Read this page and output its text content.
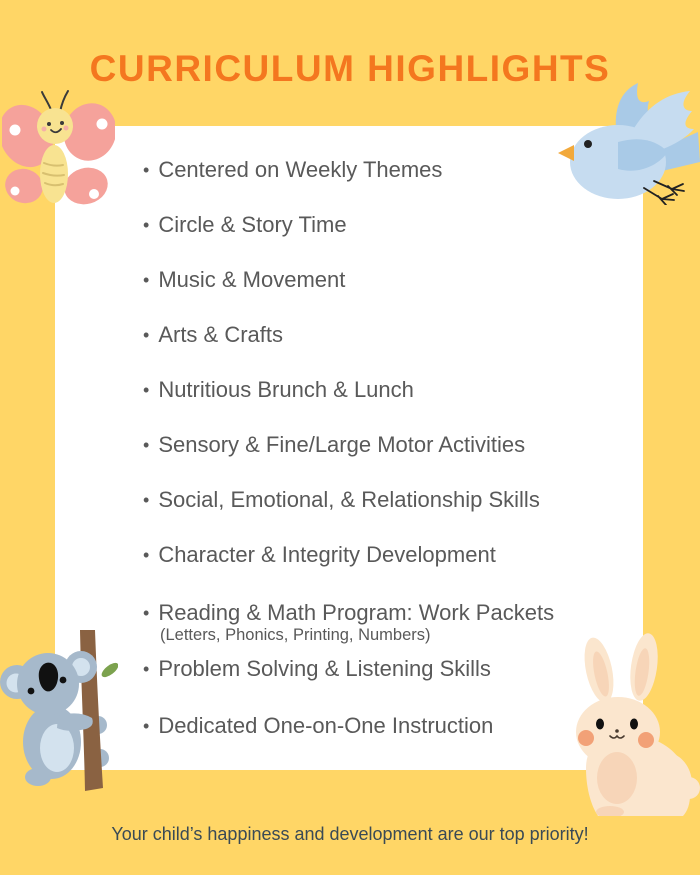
CURRICULUM HIGHLIGHTS
• Centered on Weekly Themes
• Circle & Story Time
• Music & Movement
• Arts & Crafts
• Nutritious Brunch & Lunch
• Sensory & Fine/Large Motor Activities
• Social, Emotional, & Relationship Skills
• Character & Integrity Development
• Reading & Math Program: Work Packets
(Letters, Phonics, Printing, Numbers)
• Problem Solving & Listening Skills
• Dedicated One-on-One Instruction
Your child’s happiness and development are our top priority!
